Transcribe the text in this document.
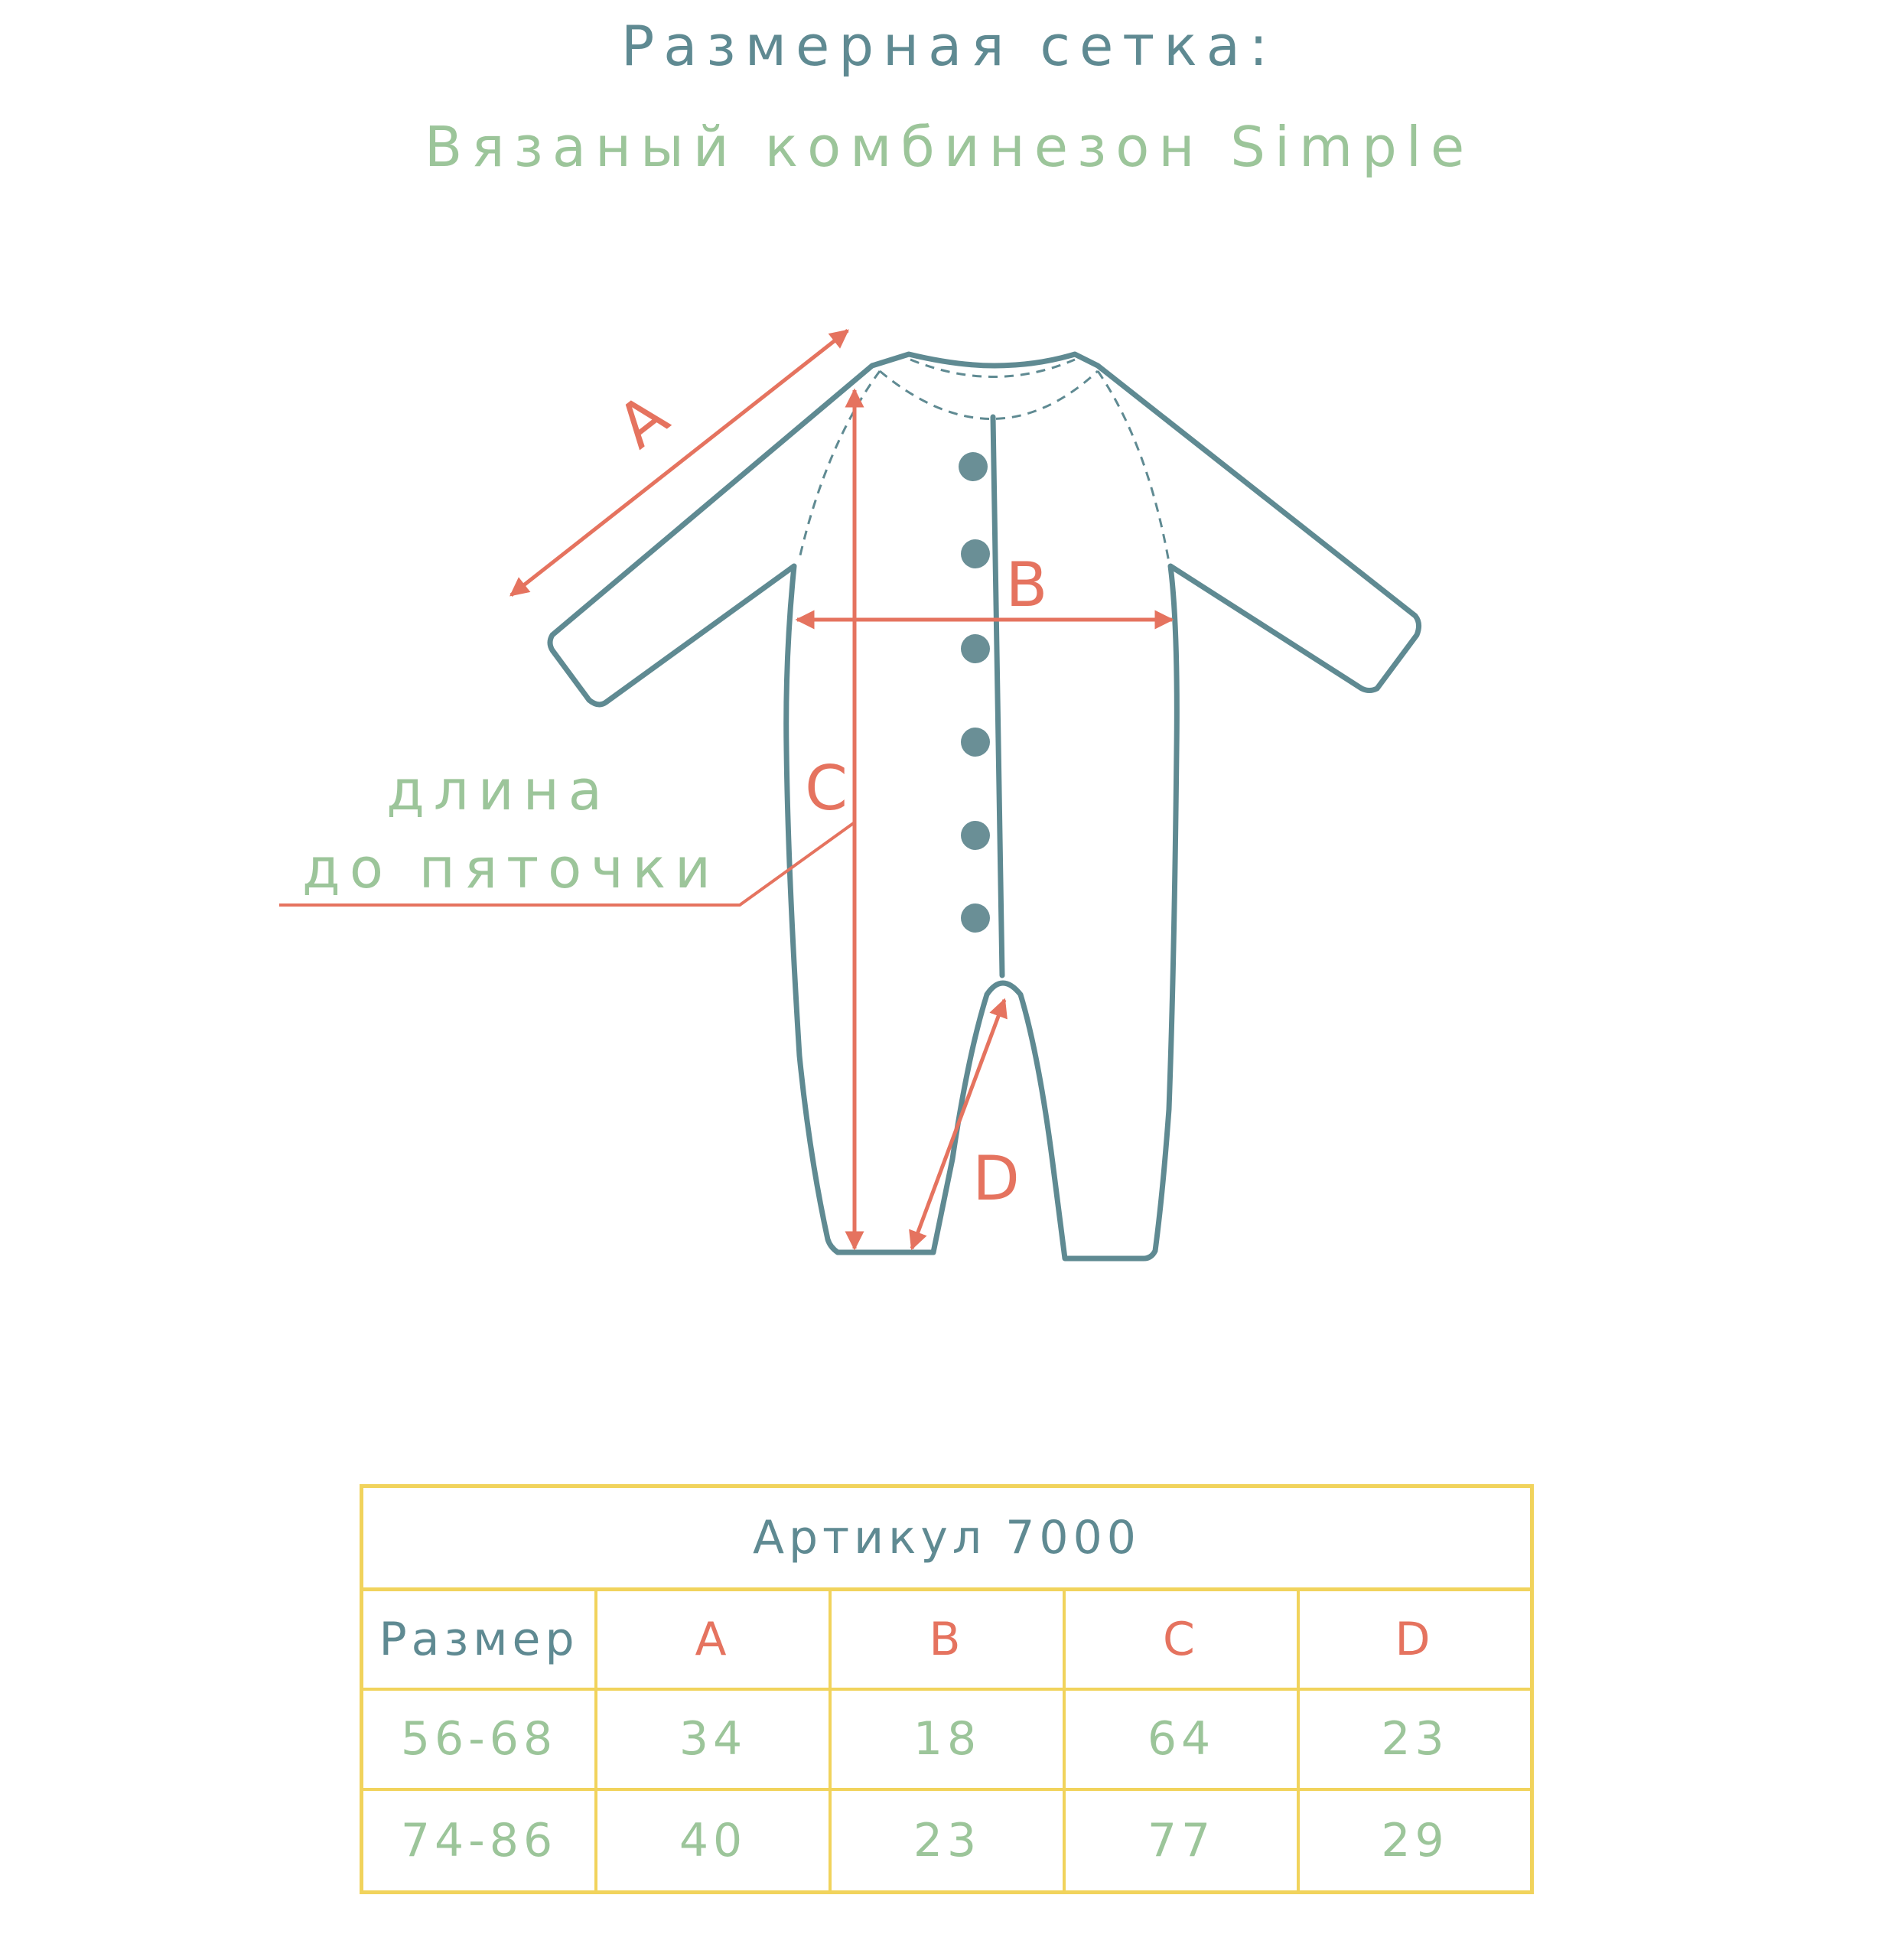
Размерная сетка:
Вязаный комбинезон Simple
A
B
C
D
длина
до пяточки
Артикул 7000
Размер	A	B	C	D
56-68	34	18	64	23
74-86	40	23	77	29
